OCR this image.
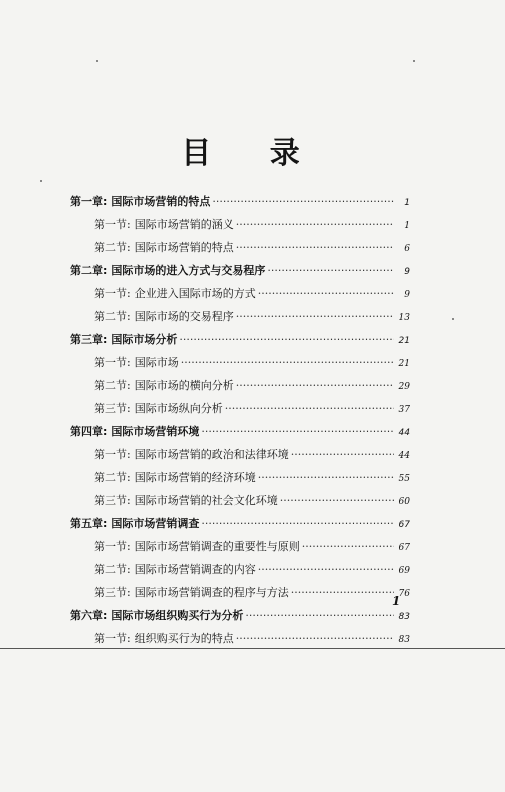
目 录
第一章: 国际市场营销的特点 ·····	1
第一节: 国际市场营销的涵义 ·····	1
第二节: 国际市场营销的特点 ·····	6
第二章: 国际市场的进入方式与交易程序 ·····	9
第一节: 企业进入国际市场的方式 ·····	9
第二节: 国际市场的交易程序 ·····	13
第三章: 国际市场分析 ·····	21
第一节: 国际市场 ·····	21
第二节: 国际市场的横向分析 ·····	29
第三节: 国际市场纵向分析 ·····	37
第四章: 国际市场营销环境 ·····	44
第一节: 国际市场营销的政治和法律环境 ·····	44
第二节: 国际市场营销的经济环境 ·····	55
第三节: 国际市场营销的社会文化环境 ·····	60
第五章: 国际市场营销调查 ·····	67
第一节: 国际市场营销调查的重要性与原则 ·····	67
第二节: 国际市场营销调查的内容 ·····	69
第三节: 国际市场营销调查的程序与方法 ·····	76
第六章: 国际市场组织购买行为分析 ·····	83
第一节: 组织购买行为的特点 ·····	83
1
